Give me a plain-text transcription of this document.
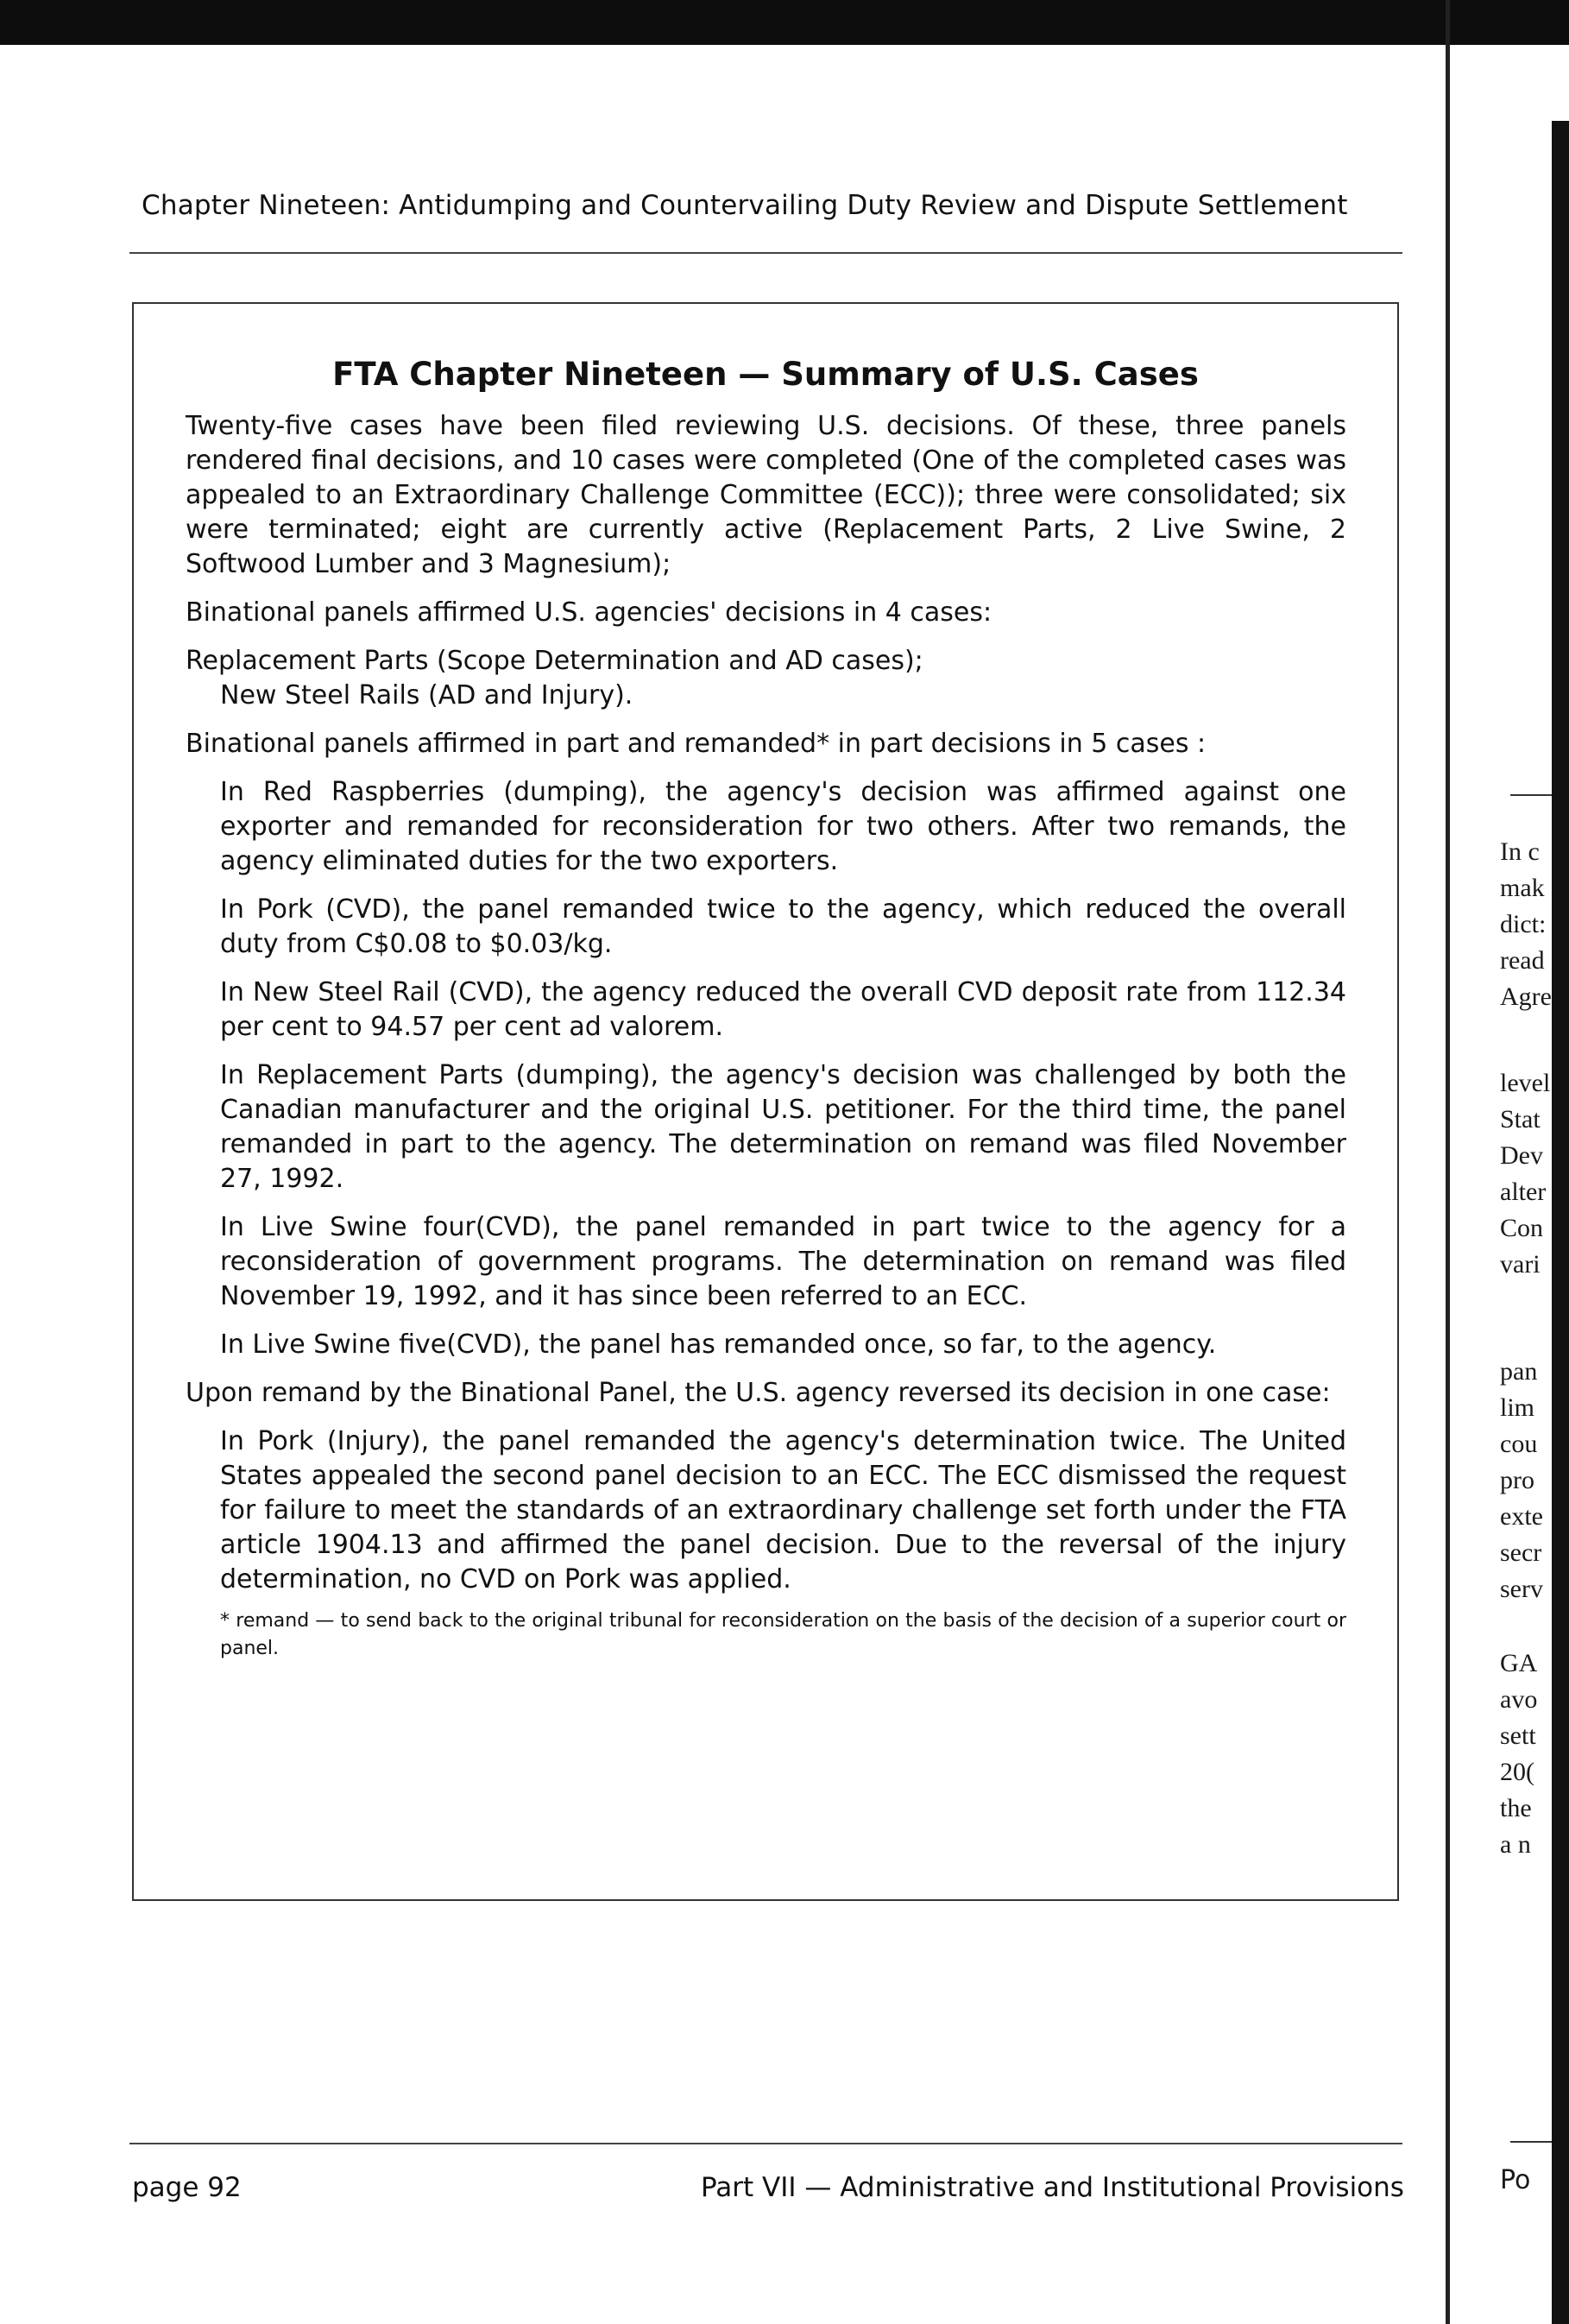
Chapter Nineteen: Antidumping and Countervailing Duty Review and Dispute Settlement
FTA Chapter Nineteen — Summary of U.S. Cases

Twenty-five cases have been filed reviewing U.S. decisions. Of these, three panels rendered final decisions, and 10 cases were completed (One of the completed cases was appealed to an Extraordinary Challenge Committee (ECC)); three were consolidated; six were terminated; eight are currently active (Replacement Parts, 2 Live Swine, 2 Softwood Lumber and 3 Magnesium);

Binational panels affirmed U.S. agencies' decisions in 4 cases:

Replacement Parts (Scope Determination and AD cases);

New Steel Rails (AD and Injury).

Binational panels affirmed in part and remanded* in part decisions in 5 cases :

In Red Raspberries (dumping), the agency's decision was affirmed against one exporter and remanded for reconsideration for two others. After two remands, the agency eliminated duties for the two exporters.

In Pork (CVD), the panel remanded twice to the agency, which reduced the overall duty from C$0.08 to $0.03/kg.

In New Steel Rail (CVD), the agency reduced the overall CVD deposit rate from 112.34 per cent to 94.57 per cent ad valorem.

In Replacement Parts (dumping), the agency's decision was challenged by both the Canadian manufacturer and the original U.S. petitioner. For the third time, the panel remanded in part to the agency. The determination on remand was filed November 27, 1992.

In Live Swine four(CVD), the panel remanded in part twice to the agency for a reconsideration of government programs. The determination on remand was filed November 19, 1992, and it has since been referred to an ECC.

In Live Swine five(CVD), the panel has remanded once, so far, to the agency.

Upon remand by the Binational Panel, the U.S. agency reversed its decision in one case:

In Pork (Injury), the panel remanded the agency's determination twice. The United States appealed the second panel decision to an ECC. The ECC dismissed the request for failure to meet the standards of an extraordinary challenge set forth under the FTA article 1904.13 and affirmed the panel decision. Due to the reversal of the injury determination, no CVD on Pork was applied.

* remand — to send back to the original tribunal for reconsideration on the basis of the decision of a superior court or panel.
page 92	Part VII — Administrative and Institutional Provisions
In c
mak
dict:
read
Agre
level
Stat
Dev
alter
Con
vari
pan
lim
cou
pro
exte
secr
serv
GA
avo
sett
20(
the
a n
Po
